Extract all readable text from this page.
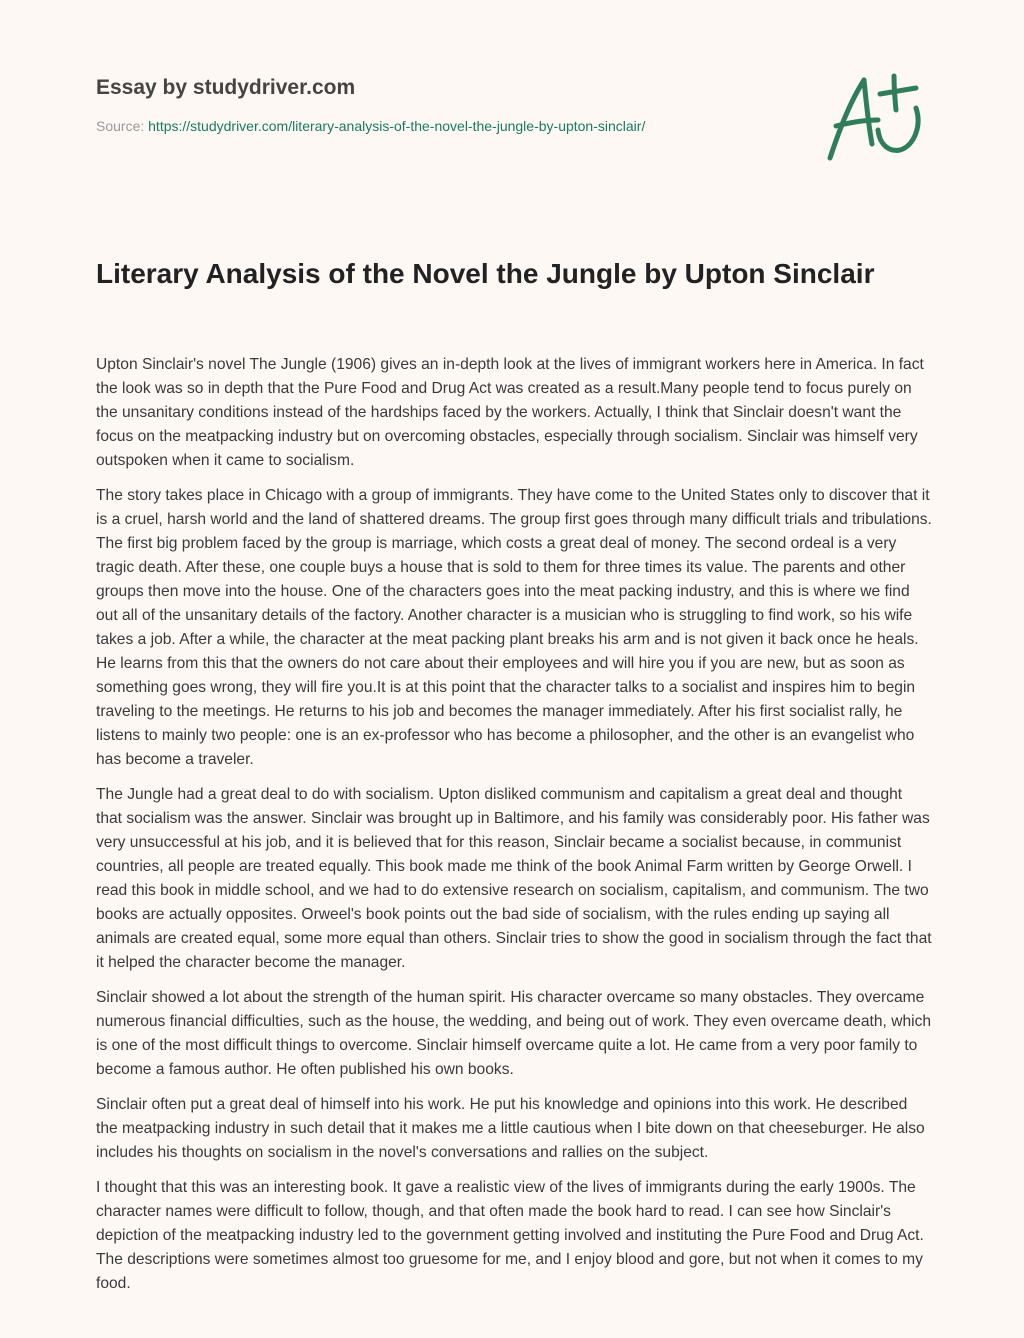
Essay by studydriver.com
Source: https://studydriver.com/literary-analysis-of-the-novel-the-jungle-by-upton-sinclair/
Literary Analysis of the Novel the Jungle by Upton Sinclair

Upton Sinclair's novel The Jungle (1906) gives an in-depth look at the lives of immigrant workers here in America. In fact the look was so in depth that the Pure Food and Drug Act was created as a result.Many people tend to focus purely on the unsanitary conditions instead of the hardships faced by the workers. Actually, I think that Sinclair doesn't want the focus on the meatpacking industry but on overcoming obstacles, especially through socialism. Sinclair was himself very outspoken when it came to socialism.

The story takes place in Chicago with a group of immigrants. They have come to the United States only to discover that it is a cruel, harsh world and the land of shattered dreams. The group first goes through many difficult trials and tribulations. The first big problem faced by the group is marriage, which costs a great deal of money. The second ordeal is a very tragic death. After these, one couple buys a house that is sold to them for three times its value. The parents and other groups then move into the house. One of the characters goes into the meat packing industry, and this is where we find out all of the unsanitary details of the factory. Another character is a musician who is struggling to find work, so his wife takes a job. After a while, the character at the meat packing plant breaks his arm and is not given it back once he heals. He learns from this that the owners do not care about their employees and will hire you if you are new, but as soon as something goes wrong, they will fire you.It is at this point that the character talks to a socialist and inspires him to begin traveling to the meetings. He returns to his job and becomes the manager immediately. After his first socialist rally, he listens to mainly two people: one is an ex-professor who has become a philosopher, and the other is an evangelist who has become a traveler.

The Jungle had a great deal to do with socialism. Upton disliked communism and capitalism a great deal and thought that socialism was the answer. Sinclair was brought up in Baltimore, and his family was considerably poor. His father was very unsuccessful at his job, and it is believed that for this reason, Sinclair became a socialist because, in communist countries, all people are treated equally. This book made me think of the book Animal Farm written by George Orwell. I read this book in middle school, and we had to do extensive research on socialism, capitalism, and communism. The two books are actually opposites. Orweel's book points out the bad side of socialism, with the rules ending up saying all animals are created equal, some more equal than others. Sinclair tries to show the good in socialism through the fact that it helped the character become the manager.

Sinclair showed a lot about the strength of the human spirit. His character overcame so many obstacles. They overcame numerous financial difficulties, such as the house, the wedding, and being out of work. They even overcame death, which is one of the most difficult things to overcome. Sinclair himself overcame quite a lot. He came from a very poor family to become a famous author. He often published his own books.

Sinclair often put a great deal of himself into his work. He put his knowledge and opinions into this work. He described the meatpacking industry in such detail that it makes me a little cautious when I bite down on that cheeseburger. He also includes his thoughts on socialism in the novel's conversations and rallies on the subject.

I thought that this was an interesting book. It gave a realistic view of the lives of immigrants during the early 1900s. The character names were difficult to follow, though, and that often made the book hard to read. I can see how Sinclair's depiction of the meatpacking industry led to the government getting involved and instituting the Pure Food and Drug Act. The descriptions were sometimes almost too gruesome for me, and I enjoy blood and gore, but not when it comes to my food.
